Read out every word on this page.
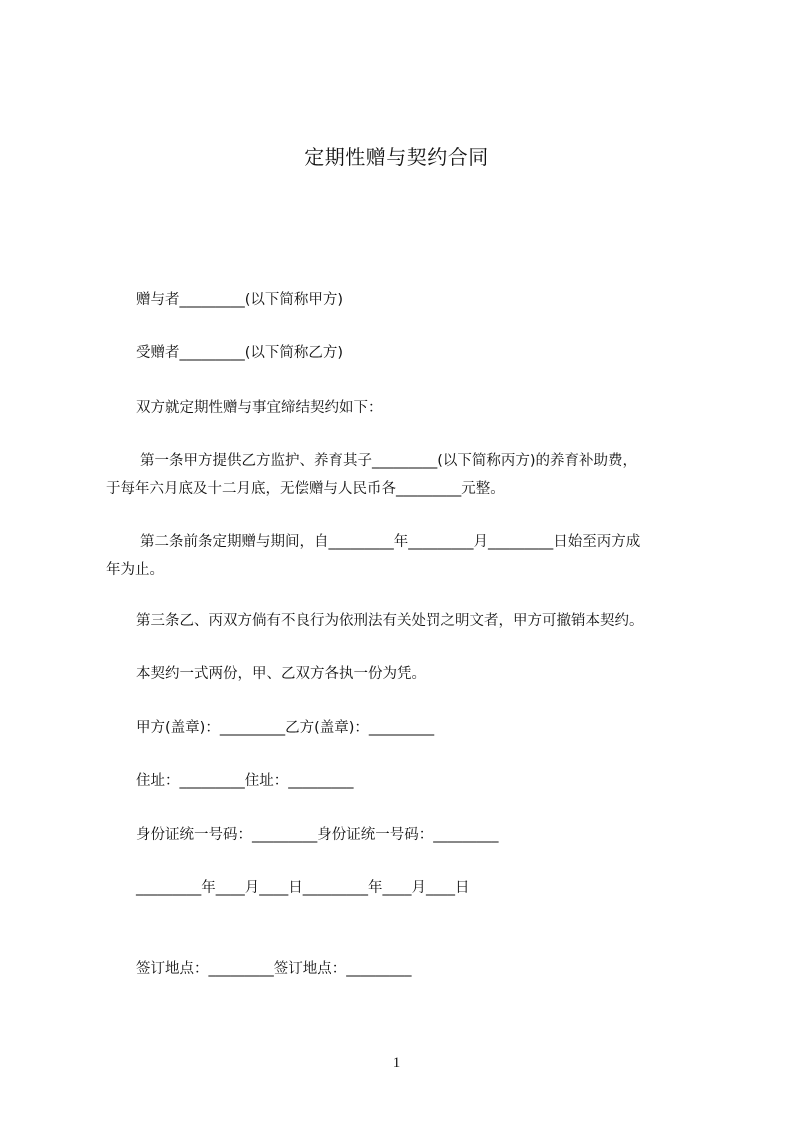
定期性赠与契约合同
赠与者_________(以下简称甲方)
受赠者_________(以下简称乙方)
双方就定期性赠与事宜缔结契约如下：
第一条甲方提供乙方监护、养育其子_________(以下简称丙方)的养育补助费，
于每年六月底及十二月底，无偿赠与人民币各_________元整。
第二条前条定期赠与期间，自_________年_________月_________日始至丙方成
年为止。
第三条乙、丙双方倘有不良行为依刑法有关处罚之明文者，甲方可撤销本契约。
本契约一式两份，甲、乙双方各执一份为凭。
甲方(盖章)：_________乙方(盖章)：_________
住址：_________住址：_________
身份证统一号码：_________身份证统一号码：_________
_________年____月____日_________年____月____日
签订地点：_________签订地点：_________
1
